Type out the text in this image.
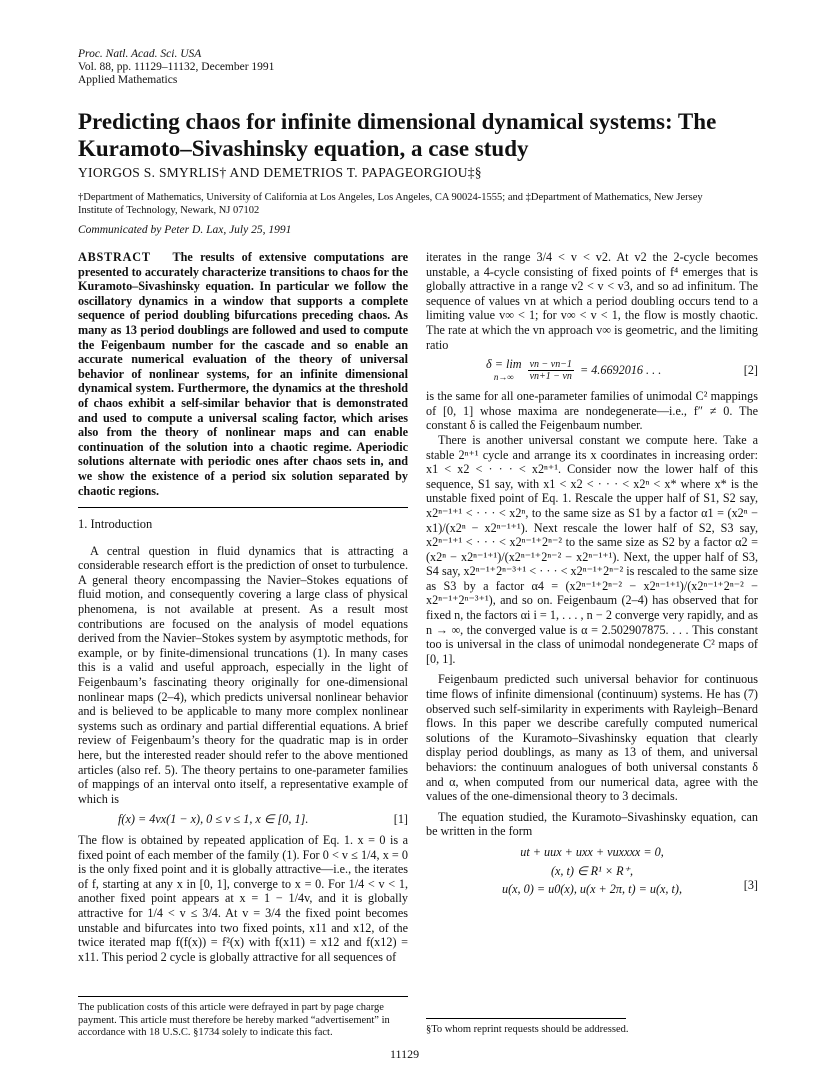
Proc. Natl. Acad. Sci. USA
Vol. 88, pp. 11129–11132, December 1991
Applied Mathematics
Predicting chaos for infinite dimensional dynamical systems: The Kuramoto–Sivashinsky equation, a case study
YIORGOS S. SMYRLIS† AND DEMETRIOS T. PAPAGEORGIOU‡§
†Department of Mathematics, University of California at Los Angeles, Los Angeles, CA 90024-1555; and ‡Department of Mathematics, New Jersey Institute of Technology, Newark, NJ 07102
Communicated by Peter D. Lax, July 25, 1991

ABSTRACT The results of extensive computations are presented to accurately characterize transitions to chaos for the Kuramoto–Sivashinsky equation. In particular we follow the oscillatory dynamics in a window that supports a complete sequence of period doubling bifurcations preceding chaos. As many as 13 period doublings are followed and used to compute the Feigenbaum number for the cascade and so enable an accurate numerical evaluation of the theory of universal behavior of nonlinear systems, for an infinite dimensional dynamical system. Furthermore, the dynamics at the threshold of chaos exhibit a self-similar behavior that is demonstrated and used to compute a universal scaling factor, which arises also from the theory of nonlinear maps and can enable continuation of the solution into a chaotic regime. Aperiodic solutions alternate with periodic ones after chaos sets in, and we show the existence of a period six solution separated by chaotic regions.

1. Introduction

A central question in fluid dynamics that is attracting a considerable research effort is the prediction of onset to turbulence. A general theory encompassing the Navier–Stokes equations of fluid motion, and consequently covering a large class of physical phenomena, is not available at present. As a result most contributions are focused on the analysis of model equations derived from the Navier–Stokes system by asymptotic methods, for example, or by finite-dimensional truncations (1). In many cases this is a valid and useful approach, especially in the light of Feigenbaum’s fascinating theory originally for one-dimensional nonlinear maps (2–4), which predicts universal nonlinear behavior and is believed to be applicable to many more complex nonlinear systems such as ordinary and partial differential equations. A brief review of Feigenbaum’s theory for the quadratic map is in order here, but the interested reader should refer to the above mentioned articles (also ref. 5). The theory pertains to one-parameter families of mappings of an interval onto itself, a representative example of which is

f(x) = 4vx(1 − x), 0 ≤ v ≤ 1, x ∈ [0, 1].	[1]

The flow is obtained by repeated application of Eq. 1. x = 0 is a fixed point of each member of the family (1). For 0 < v ≤ 1/4, x = 0 is the only fixed point and it is globally attractive—i.e., the iterates of f, starting at any x in [0, 1], converge to x = 0. For 1/4 < v < 1, another fixed point appears at x = 1 − 1/4v, and it is globally attractive for 1/4 < v ≤ 3/4. At v = 3/4 the fixed point becomes unstable and bifurcates into two fixed points, x11 and x12, of the twice iterated map f(f(x)) = f²(x) with f(x11) = x12 and f(x12) = x11. This period 2 cycle is globally attractive for all sequences of

iterates in the range 3/4 < v < v2. At v2 the 2-cycle becomes unstable, a 4-cycle consisting of fixed points of f⁴ emerges that is globally attractive in a range v2 < v < v3, and so ad infinitum. The sequence of values vn at which a period doubling occurs tend to a limiting value v∞ < 1; for v∞ < v < 1, the flow is mostly chaotic. The rate at which the vn approach v∞ is geometric, and the limiting ratio

δ = lim
n→∞	$\frac{vn - vn-1}{vn+1 - vn} = 4.6692016$ . . .	[2]

is the same for all one-parameter families of unimodal C² mappings of [0, 1] whose maxima are nondegenerate—i.e., f″ ≠ 0. The constant δ is called the Feigenbaum number.

There is another universal constant we compute here. Take a stable 2ⁿ⁺¹ cycle and arrange its x coordinates in increasing order: x1 < x2 < · · · < x2ⁿ⁺¹. Consider now the lower half of this sequence, S1 say, with x1 < x2 < · · · < x2ⁿ < x* where x* is the unstable fixed point of Eq. 1. Rescale the upper half of S1, S2 say, x2ⁿ⁻¹⁺¹ < · · · < x2ⁿ, to the same size as S1 by a factor α1 = (x2ⁿ − x1)/(x2ⁿ − x2ⁿ⁻¹⁺¹). Next rescale the lower half of S2, S3 say, x2ⁿ⁻¹⁺¹ < · · · < x2ⁿ⁻¹⁺2ⁿ⁻² to the same size as S2 by a factor α2 = (x2ⁿ − x2ⁿ⁻¹⁺¹)/(x2ⁿ⁻¹⁺2ⁿ⁻² − x2ⁿ⁻¹⁺¹). Next, the upper half of S3, S4 say, x2ⁿ⁻¹⁺2ⁿ⁻³⁺¹ < · · · < x2ⁿ⁻¹⁺2ⁿ⁻² is rescaled to the same size as S3 by a factor α4 = (x2ⁿ⁻¹⁺2ⁿ⁻² − x2ⁿ⁻¹⁺¹)/(x2ⁿ⁻¹⁺2ⁿ⁻² − x2ⁿ⁻¹⁺2ⁿ⁻³⁺¹), and so on. Feigenbaum (2–4) has observed that for fixed n, the factors αi i = 1, . . . , n − 2 converge very rapidly, and as n → ∞, the converged value is α = 2.502907875. . . . This constant too is universal in the class of unimodal nondegenerate C² maps of [0, 1].

Feigenbaum predicted such universal behavior for continuous time flows of infinite dimensional (continuum) systems. He has (7) observed such self-similarity in experiments with Rayleigh–Benard flows. In this paper we describe carefully computed numerical solutions of the Kuramoto–Sivashinsky equation that clearly display period doublings, as many as 13 of them, and universal behaviors: the continuum analogues of both universal constants δ and α, when computed from our numerical data, agree with the values of the one-dimensional theory to 3 decimals.

The equation studied, the Kuramoto–Sivashinsky equation, can be written in the form

ut + uux + uxx + νuxxxx = 0,
(x, t) ∈ R¹ × R⁺,
u(x, 0) = u0(x), u(x + 2π, t) = u(x, t),	[3]
The publication costs of this article were defrayed in part by page charge payment. This article must therefore be hereby marked “advertisement” in accordance with 18 U.S.C. §1734 solely to indicate this fact.	§To whom reprint requests should be addressed.
11129
